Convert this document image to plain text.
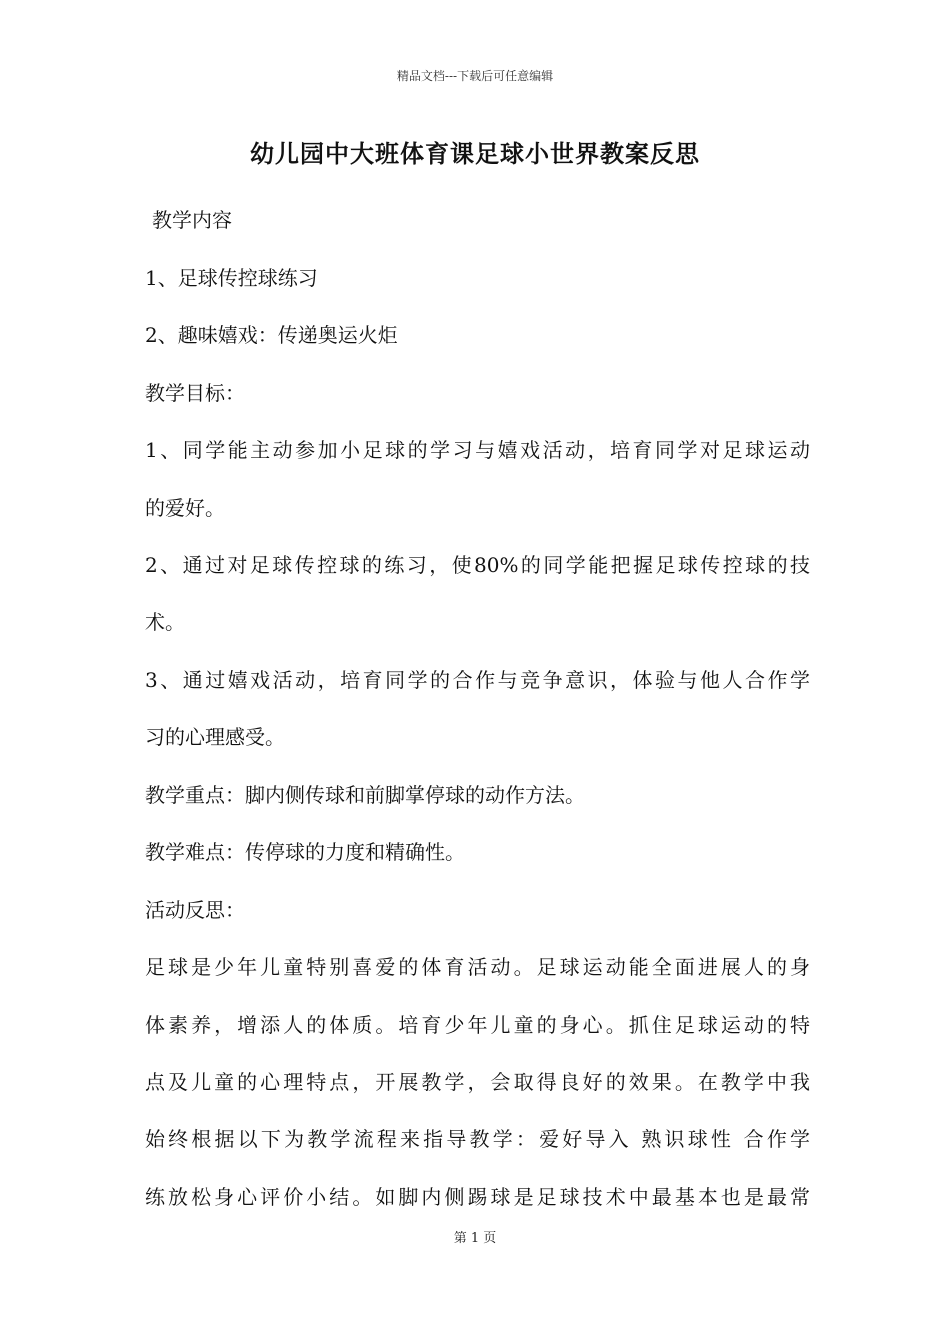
精品文档---下载后可任意编辑
幼儿园中大班体育课足球小世界教案反思
教学内容
1、足球传控球练习
2、趣味嬉戏：传递奥运火炬
教学目标：
1、同学能主动参加小足球的学习与嬉戏活动，培育同学对足球运动
的爱好。
2、通过对足球传控球的练习，使80%的同学能把握足球传控球的技
术。
3、通过嬉戏活动，培育同学的合作与竞争意识，体验与他人合作学
习的心理感受。
教学重点：脚内侧传球和前脚掌停球的动作方法。
教学难点：传停球的力度和精确性。
活动反思：
足球是少年儿童特别喜爱的体育活动。足球运动能全面进展人的身
体素养，增添人的体质。培育少年儿童的身心。抓住足球运动的特
点及儿童的心理特点，开展教学，会取得良好的效果。在教学中我
始终根据以下为教学流程来指导教学：爱好导入 熟识球性 合作学
练放松身心评价小结。如脚内侧踢球是足球技术中最基本也是最常
第 1 页
